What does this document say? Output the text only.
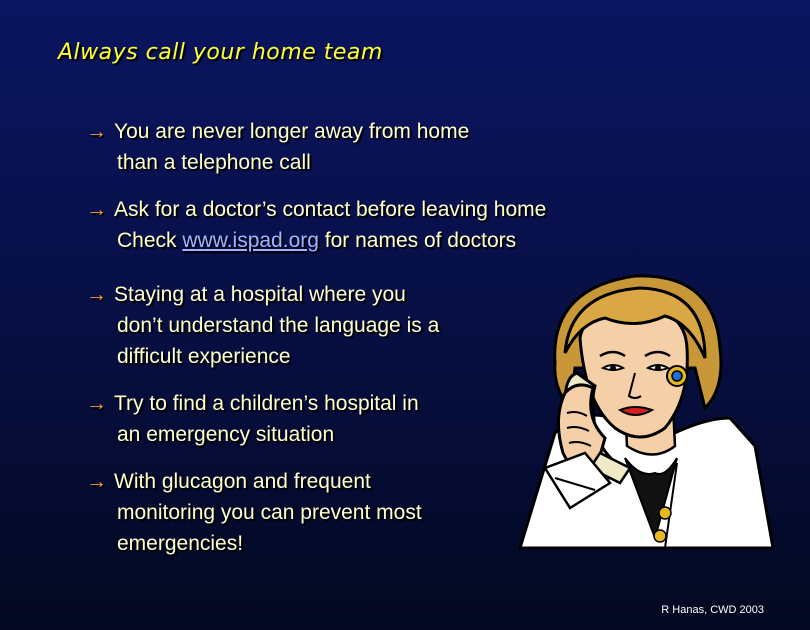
Always call your home team
→ You are never longer away from home
than a telephone call
→ Ask for a doctor’s contact before leaving home
Check www.ispad.org for names of doctors
→ Staying at a hospital where you
don’t understand the language is a
difficult experience
→ Try to find a children’s hospital in
an emergency situation
→ With glucagon and frequent
monitoring you can prevent most
emergencies!
R Hanas, CWD 2003
